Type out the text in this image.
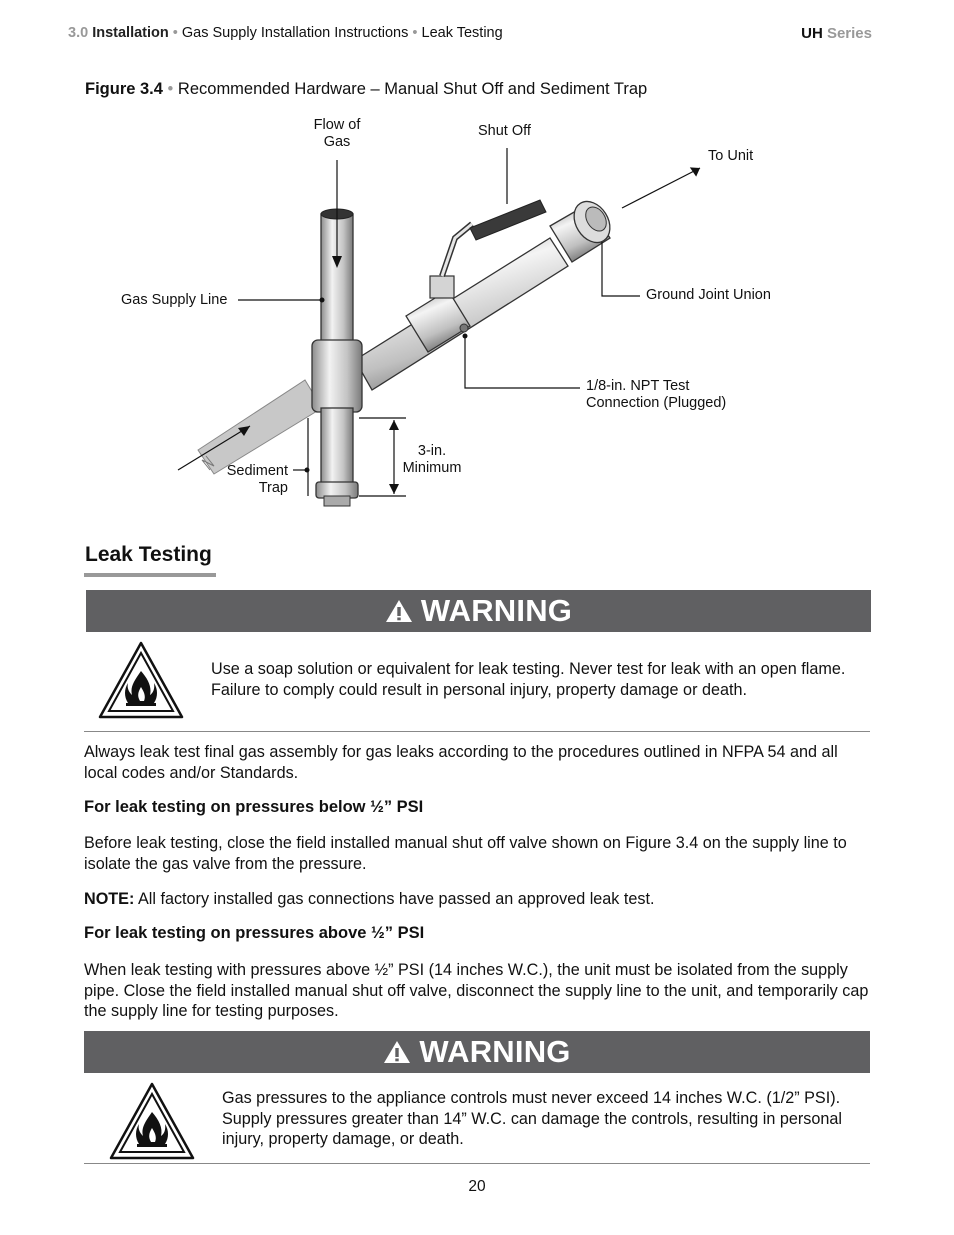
3.0 Installation • Gas Supply Installation Instructions • Leak Testing	UH Series
Figure 3.4 • Recommended Hardware – Manual Shut Off and Sediment Trap
Flow of
Gas
Shut Off
To Unit
Gas Supply Line	Ground Joint Union
1/8-in. NPT Test
Connection (Plugged)
3-in.
Minimum
Sediment
Trap
Leak Testing
WARNING
Use a soap solution or equivalent for leak testing. Never test for leak with an open flame. Failure to comply could result in personal injury, property damage or death.
Always leak test final gas assembly for gas leaks according to the procedures outlined in NFPA 54 and all local codes and/or Standards.
For leak testing on pressures below ½” PSI
Before leak testing, close the field installed manual shut off valve shown on Figure 3.4 on the supply line to isolate the gas valve from the pressure.
NOTE: All factory installed gas connections have passed an approved leak test.
For leak testing on pressures above ½” PSI
When leak testing with pressures above ½” PSI (14 inches W.C.), the unit must be isolated from the supply pipe. Close the field installed manual shut off valve, disconnect the supply line to the unit, and temporarily cap the supply line for testing purposes.
WARNING
Gas pressures to the appliance controls must never exceed 14 inches W.C. (1/2” PSI). Supply pressures greater than 14” W.C. can damage the controls, resulting in personal injury, property damage, or death.
20
